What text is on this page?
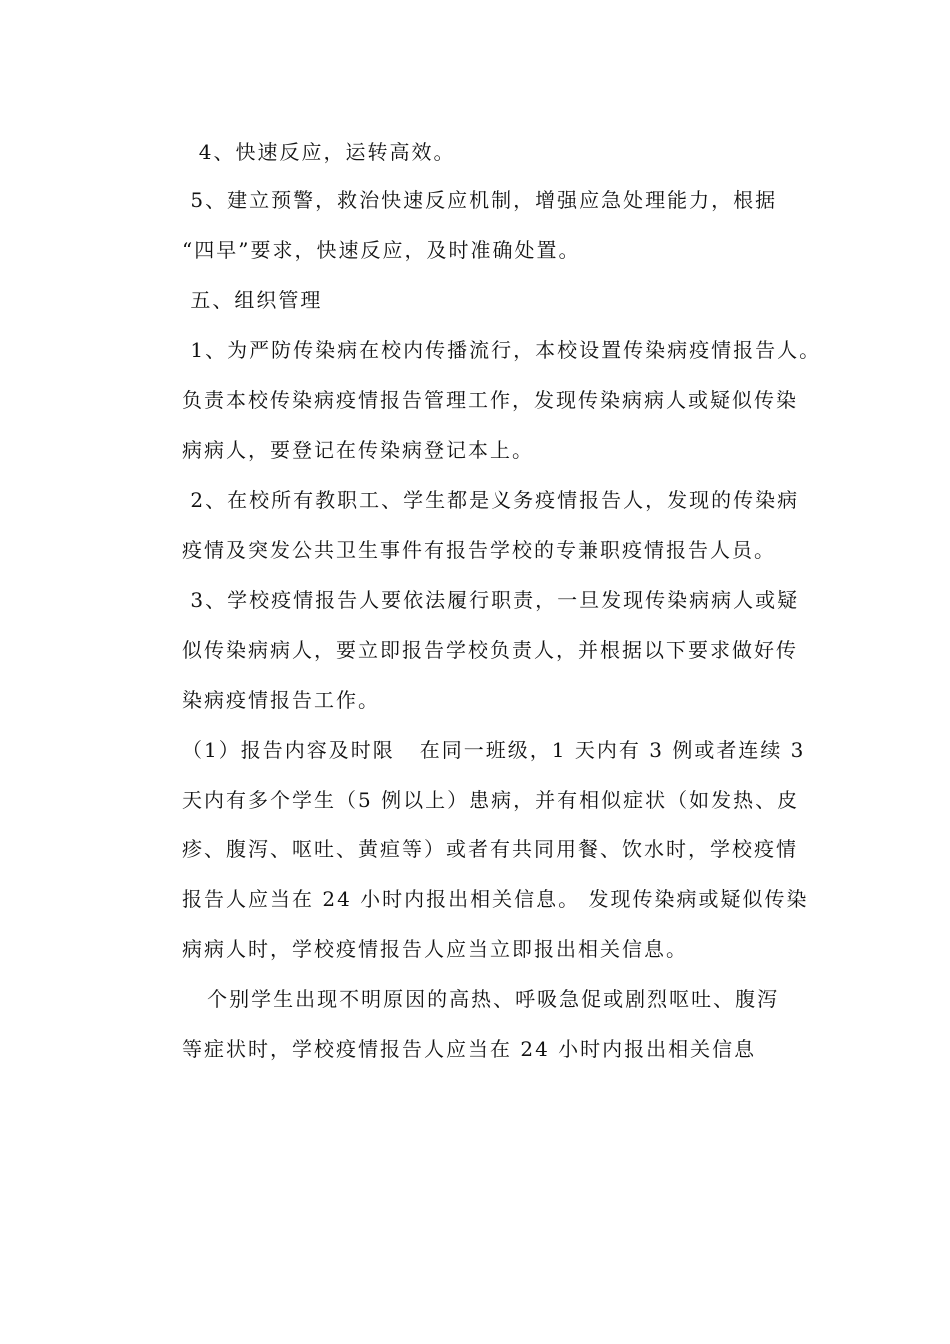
4、快速反应，运转高效。
5、建立预警，救治快速反应机制，增强应急处理能力，根据
“四早”要求，快速反应，及时准确处置。
五、组织管理
1、为严防传染病在校内传播流行，本校设置传染病疫情报告人。
负责本校传染病疫情报告管理工作，发现传染病病人或疑似传染
病病人，要登记在传染病登记本上。
2、在校所有教职工、学生都是义务疫情报告人，发现的传染病
疫情及突发公共卫生事件有报告学校的专兼职疫情报告人员。
3、学校疫情报告人要依法履行职责，一旦发现传染病病人或疑
似传染病病人，要立即报告学校负责人，并根据以下要求做好传
染病疫情报告工作。
（1）报告内容及时限   在同一班级，1 天内有 3 例或者连续 3
天内有多个学生（5 例以上）患病，并有相似症状（如发热、皮
疹、腹泻、呕吐、黄疸等）或者有共同用餐、饮水时，学校疫情
报告人应当在 24 小时内报出相关信息。 发现传染病或疑似传染
病病人时，学校疫情报告人应当立即报出相关信息。
个别学生出现不明原因的高热、呼吸急促或剧烈呕吐、腹泻
等症状时，学校疫情报告人应当在 24 小时内报出相关信息
